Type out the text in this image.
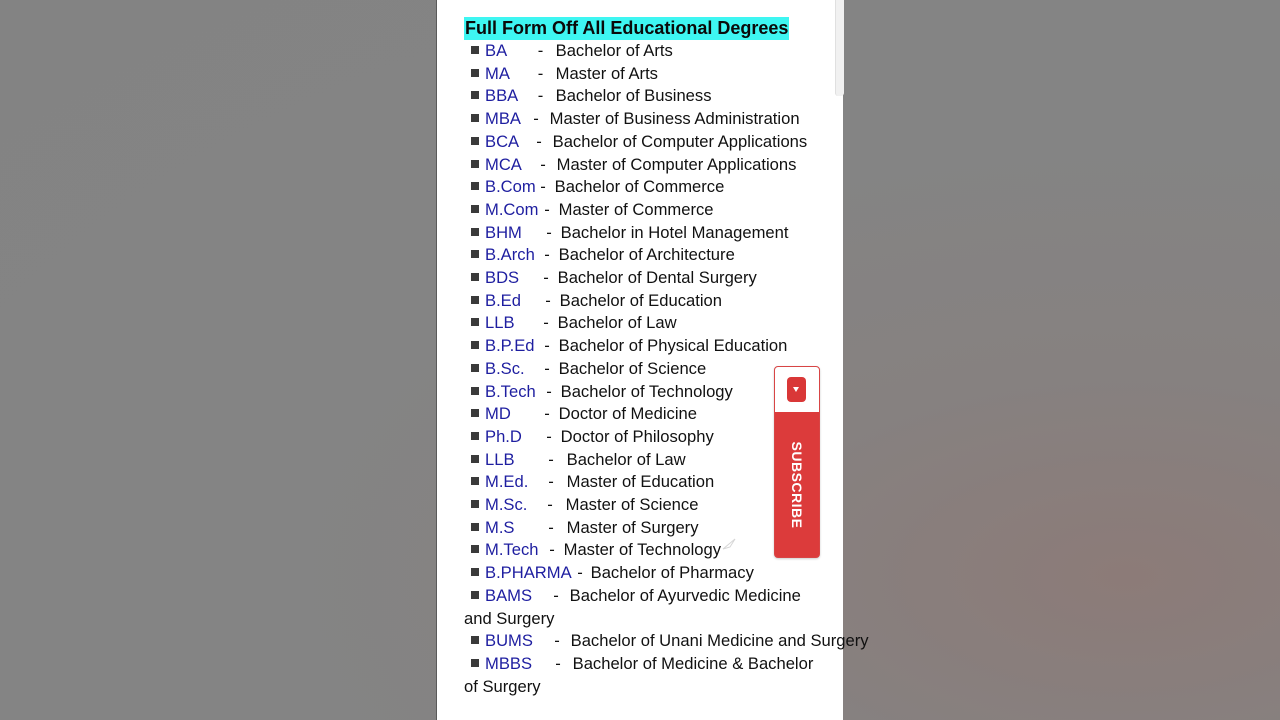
Full Form Off All Educational Degrees
BA - Bachelor of Arts
MA - Master of Arts
BBA - Bachelor of Business
MBA - Master of Business Administration
BCA - Bachelor of Computer Applications
MCA - Master of Computer Applications
B.Com - Bachelor of Commerce
M.Com - Master of Commerce
BHM - Bachelor in Hotel Management
B.Arch - Bachelor of Architecture
BDS - Bachelor of Dental Surgery
B.Ed - Bachelor of Education
LLB - Bachelor of Law
B.P.Ed - Bachelor of Physical Education
B.Sc. - Bachelor of Science
B.Tech - Bachelor of Technology
MD - Doctor of Medicine
Ph.D - Doctor of Philosophy
LLB - Bachelor of Law
M.Ed. - Master of Education
M.Sc. - Master of Science
M.S - Master of Surgery
M.Tech - Master of Technology
B.PHARMA - Bachelor of Pharmacy
BAMS - Bachelor of Ayurvedic Medicine and Surgery
BUMS - Bachelor of Unani Medicine and Surgery
MBBS - Bachelor of Medicine & Bachelor of Surgery
SUBSCRIBE
